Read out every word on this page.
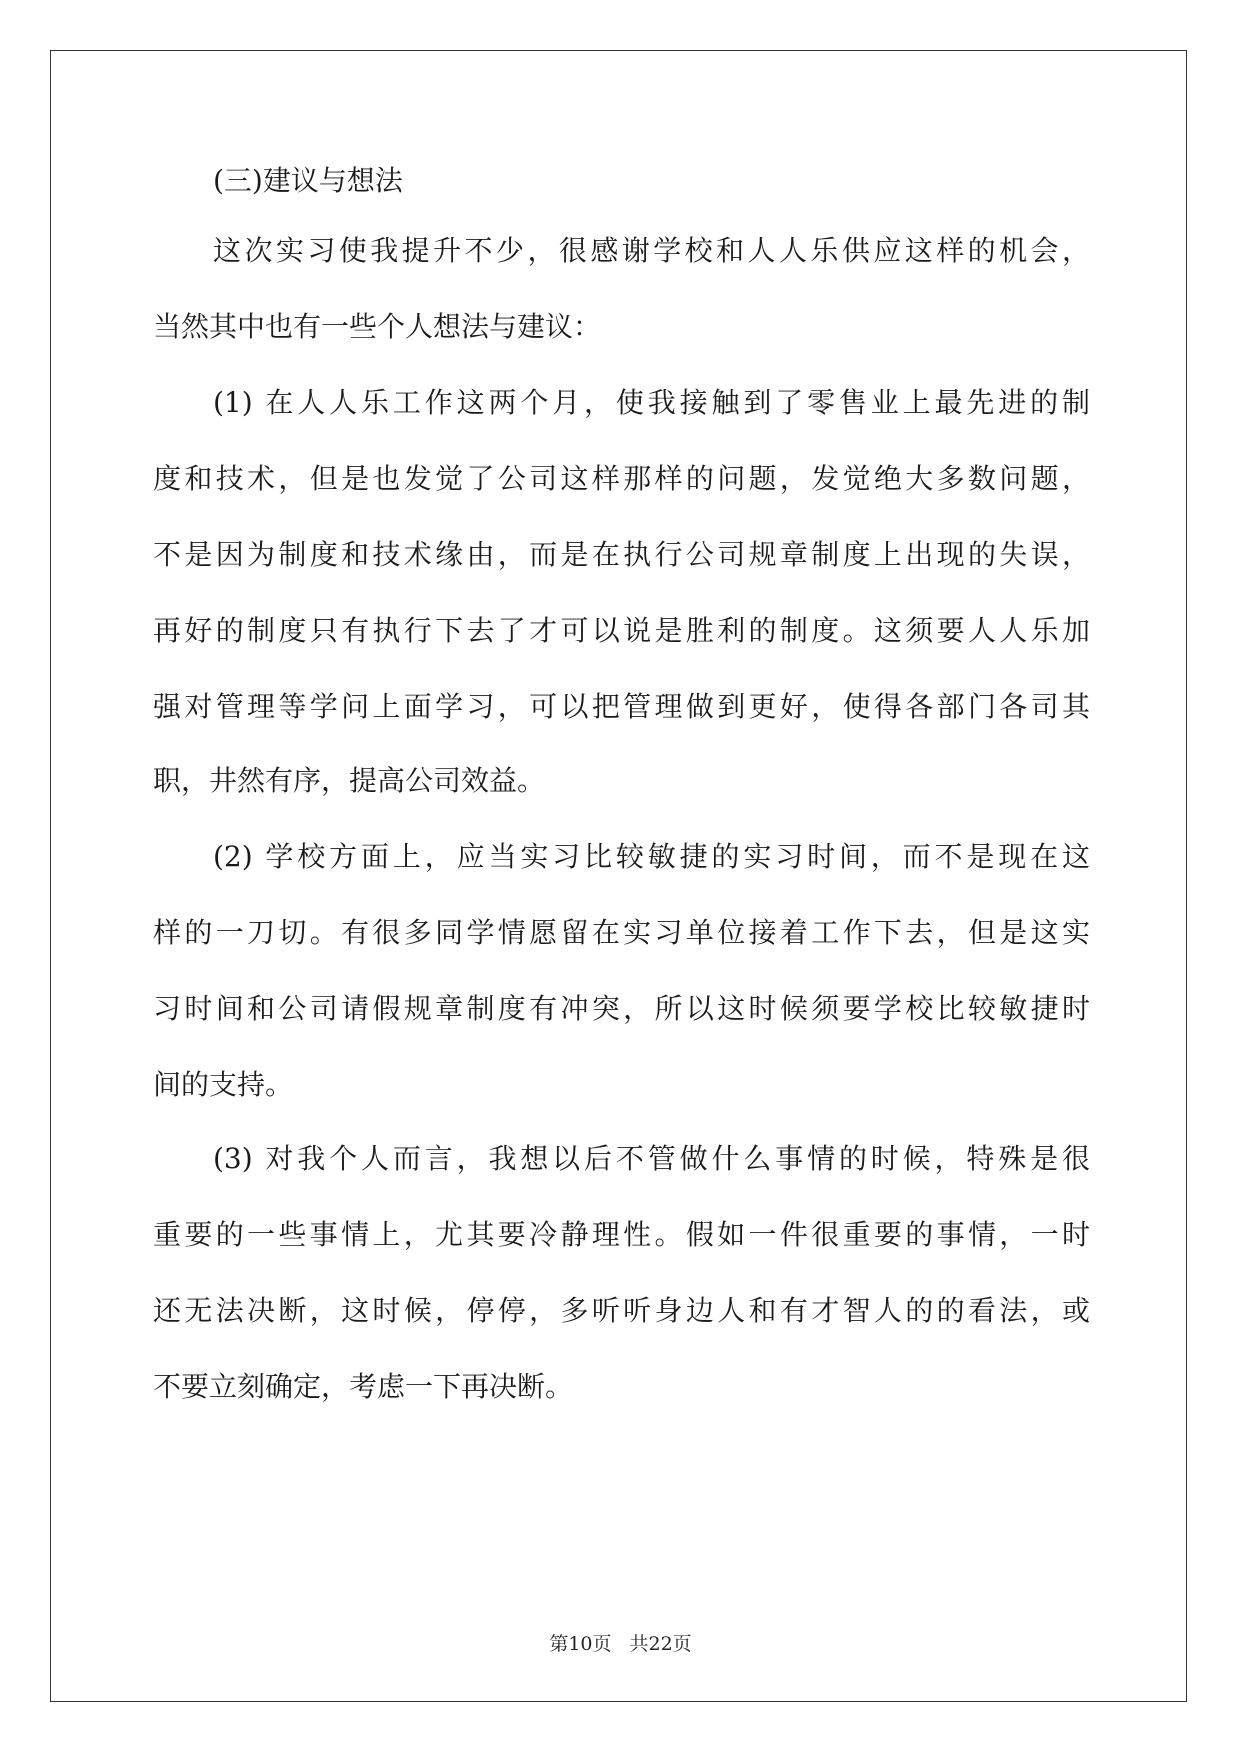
(三)建议与想法
这次实习使我提升不少，很感谢学校和人人乐供应这样的机会，
当然其中也有一些个人想法与建议：
(1) 在人人乐工作这两个月，使我接触到了零售业上最先进的制
度和技术，但是也发觉了公司这样那样的问题，发觉绝大多数问题，
不是因为制度和技术缘由，而是在执行公司规章制度上出现的失误，
再好的制度只有执行下去了才可以说是胜利的制度。这须要人人乐加
强对管理等学问上面学习，可以把管理做到更好，使得各部门各司其
职，井然有序，提高公司效益。
(2) 学校方面上，应当实习比较敏捷的实习时间，而不是现在这
样的一刀切。有很多同学情愿留在实习单位接着工作下去，但是这实
习时间和公司请假规章制度有冲突，所以这时候须要学校比较敏捷时
间的支持。
(3) 对我个人而言，我想以后不管做什么事情的时候，特殊是很
重要的一些事情上，尤其要冷静理性。假如一件很重要的事情，一时
还无法决断，这时候，停停，多听听身边人和有才智人的的看法，或
不要立刻确定，考虑一下再决断。
第10页 共22页
